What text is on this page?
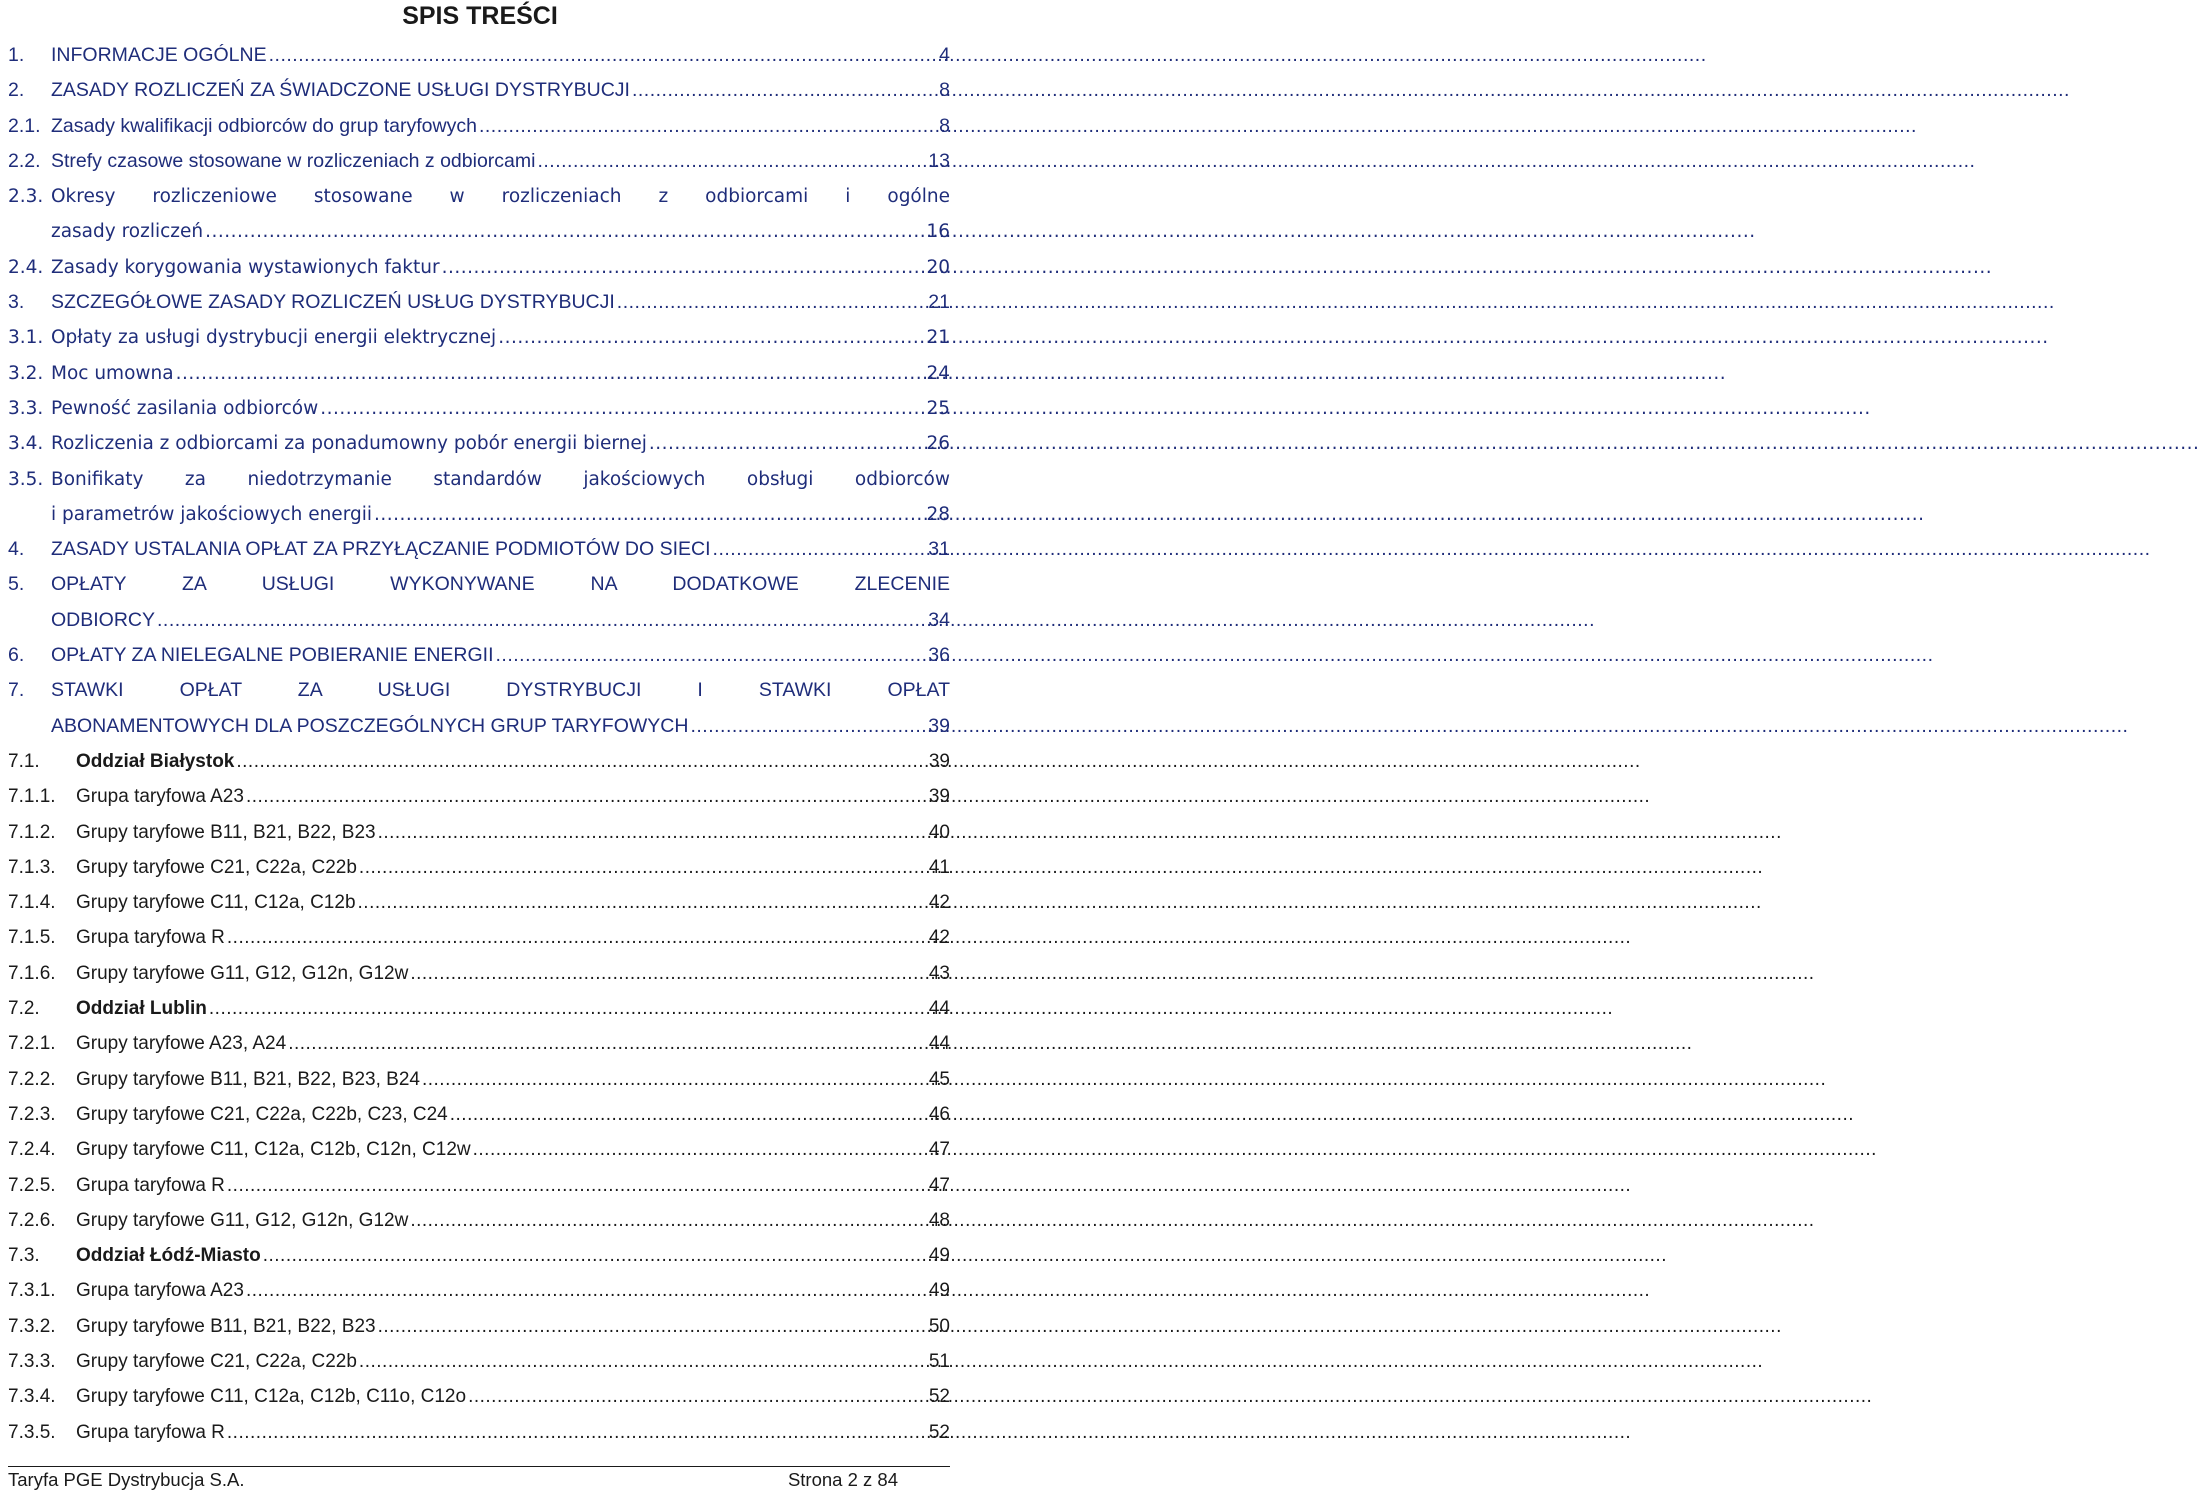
SPIS TREŚCI
1.	INFORMACJE OGÓLNE .....	4
2.	ZASADY ROZLICZEŃ ZA ŚWIADCZONE USŁUGI DYSTRYBUCJI .....	8
2.1. Zasady kwalifikacji odbiorców do grup taryfowych .....	8
2.2. Strefy czasowe stosowane w rozliczeniach z odbiorcami .....	13
2.3. Okresy rozliczeniowe stosowane w rozliczeniach z odbiorcami i ogólne
zasady rozliczeń .....	16
2.4. Zasady korygowania wystawionych faktur .....	20
3.	SZCZEGÓŁOWE ZASADY ROZLICZEŃ USŁUG DYSTRYBUCJI .....	21
3.1. Opłaty za usługi dystrybucji energii elektrycznej .....	21
3.2. Moc umowna .....	24
3.3. Pewność zasilania odbiorców .....	25
3.4. Rozliczenia z odbiorcami za ponadumowny pobór energii biernej .....	26
3.5. Bonifikaty za niedotrzymanie standardów jakościowych obsługi odbiorców
i parametrów jakościowych energii .....	28
4.	ZASADY USTALANIA OPŁAT ZA PRZYŁĄCZANIE PODMIOTÓW DO SIECI .....	31
5.	OPŁATY ZA USŁUGI WYKONYWANE NA DODATKOWE ZLECENIE
ODBIORCY .....	34
6.	OPŁATY ZA NIELEGALNE POBIERANIE ENERGII .....	36
7.	STAWKI OPŁAT ZA USŁUGI DYSTRYBUCJI I STAWKI OPŁAT
ABONAMENTOWYCH DLA POSZCZEGÓLNYCH GRUP TARYFOWYCH .....	39
7.1.	Oddział Białystok .....	39
7.1.1.	Grupa taryfowa A23 .....	39
7.1.2.	Grupy taryfowe B11, B21, B22, B23 .....	40
7.1.3.	Grupy taryfowe C21, C22a, C22b .....	41
7.1.4.	Grupy taryfowe C11, C12a, C12b .....	42
7.1.5.	Grupa taryfowa R .....	42
7.1.6.	Grupy taryfowe G11, G12, G12n, G12w .....	43
7.2.	Oddział Lublin .....	44
7.2.1.	Grupy taryfowe A23, A24 .....	44
7.2.2.	Grupy taryfowe B11, B21, B22, B23, B24 .....	45
7.2.3.	Grupy taryfowe C21, C22a, C22b, C23, C24 .....	46
7.2.4.	Grupy taryfowe C11, C12a, C12b, C12n, C12w .....	47
7.2.5.	Grupa taryfowa R .....	47
7.2.6.	Grupy taryfowe G11, G12, G12n, G12w .....	48
7.3.	Oddział Łódź-Miasto .....	49
7.3.1.	Grupa taryfowa A23 .....	49
7.3.2.	Grupy taryfowe B11, B21, B22, B23 .....	50
7.3.3.	Grupy taryfowe C21, C22a, C22b .....	51
7.3.4.	Grupy taryfowe C11, C12a, C12b, C11o, C12o .....	52
7.3.5.	Grupa taryfowa R .....	52
Taryfa PGE Dystrybucja S.A.	Strona 2 z 84
